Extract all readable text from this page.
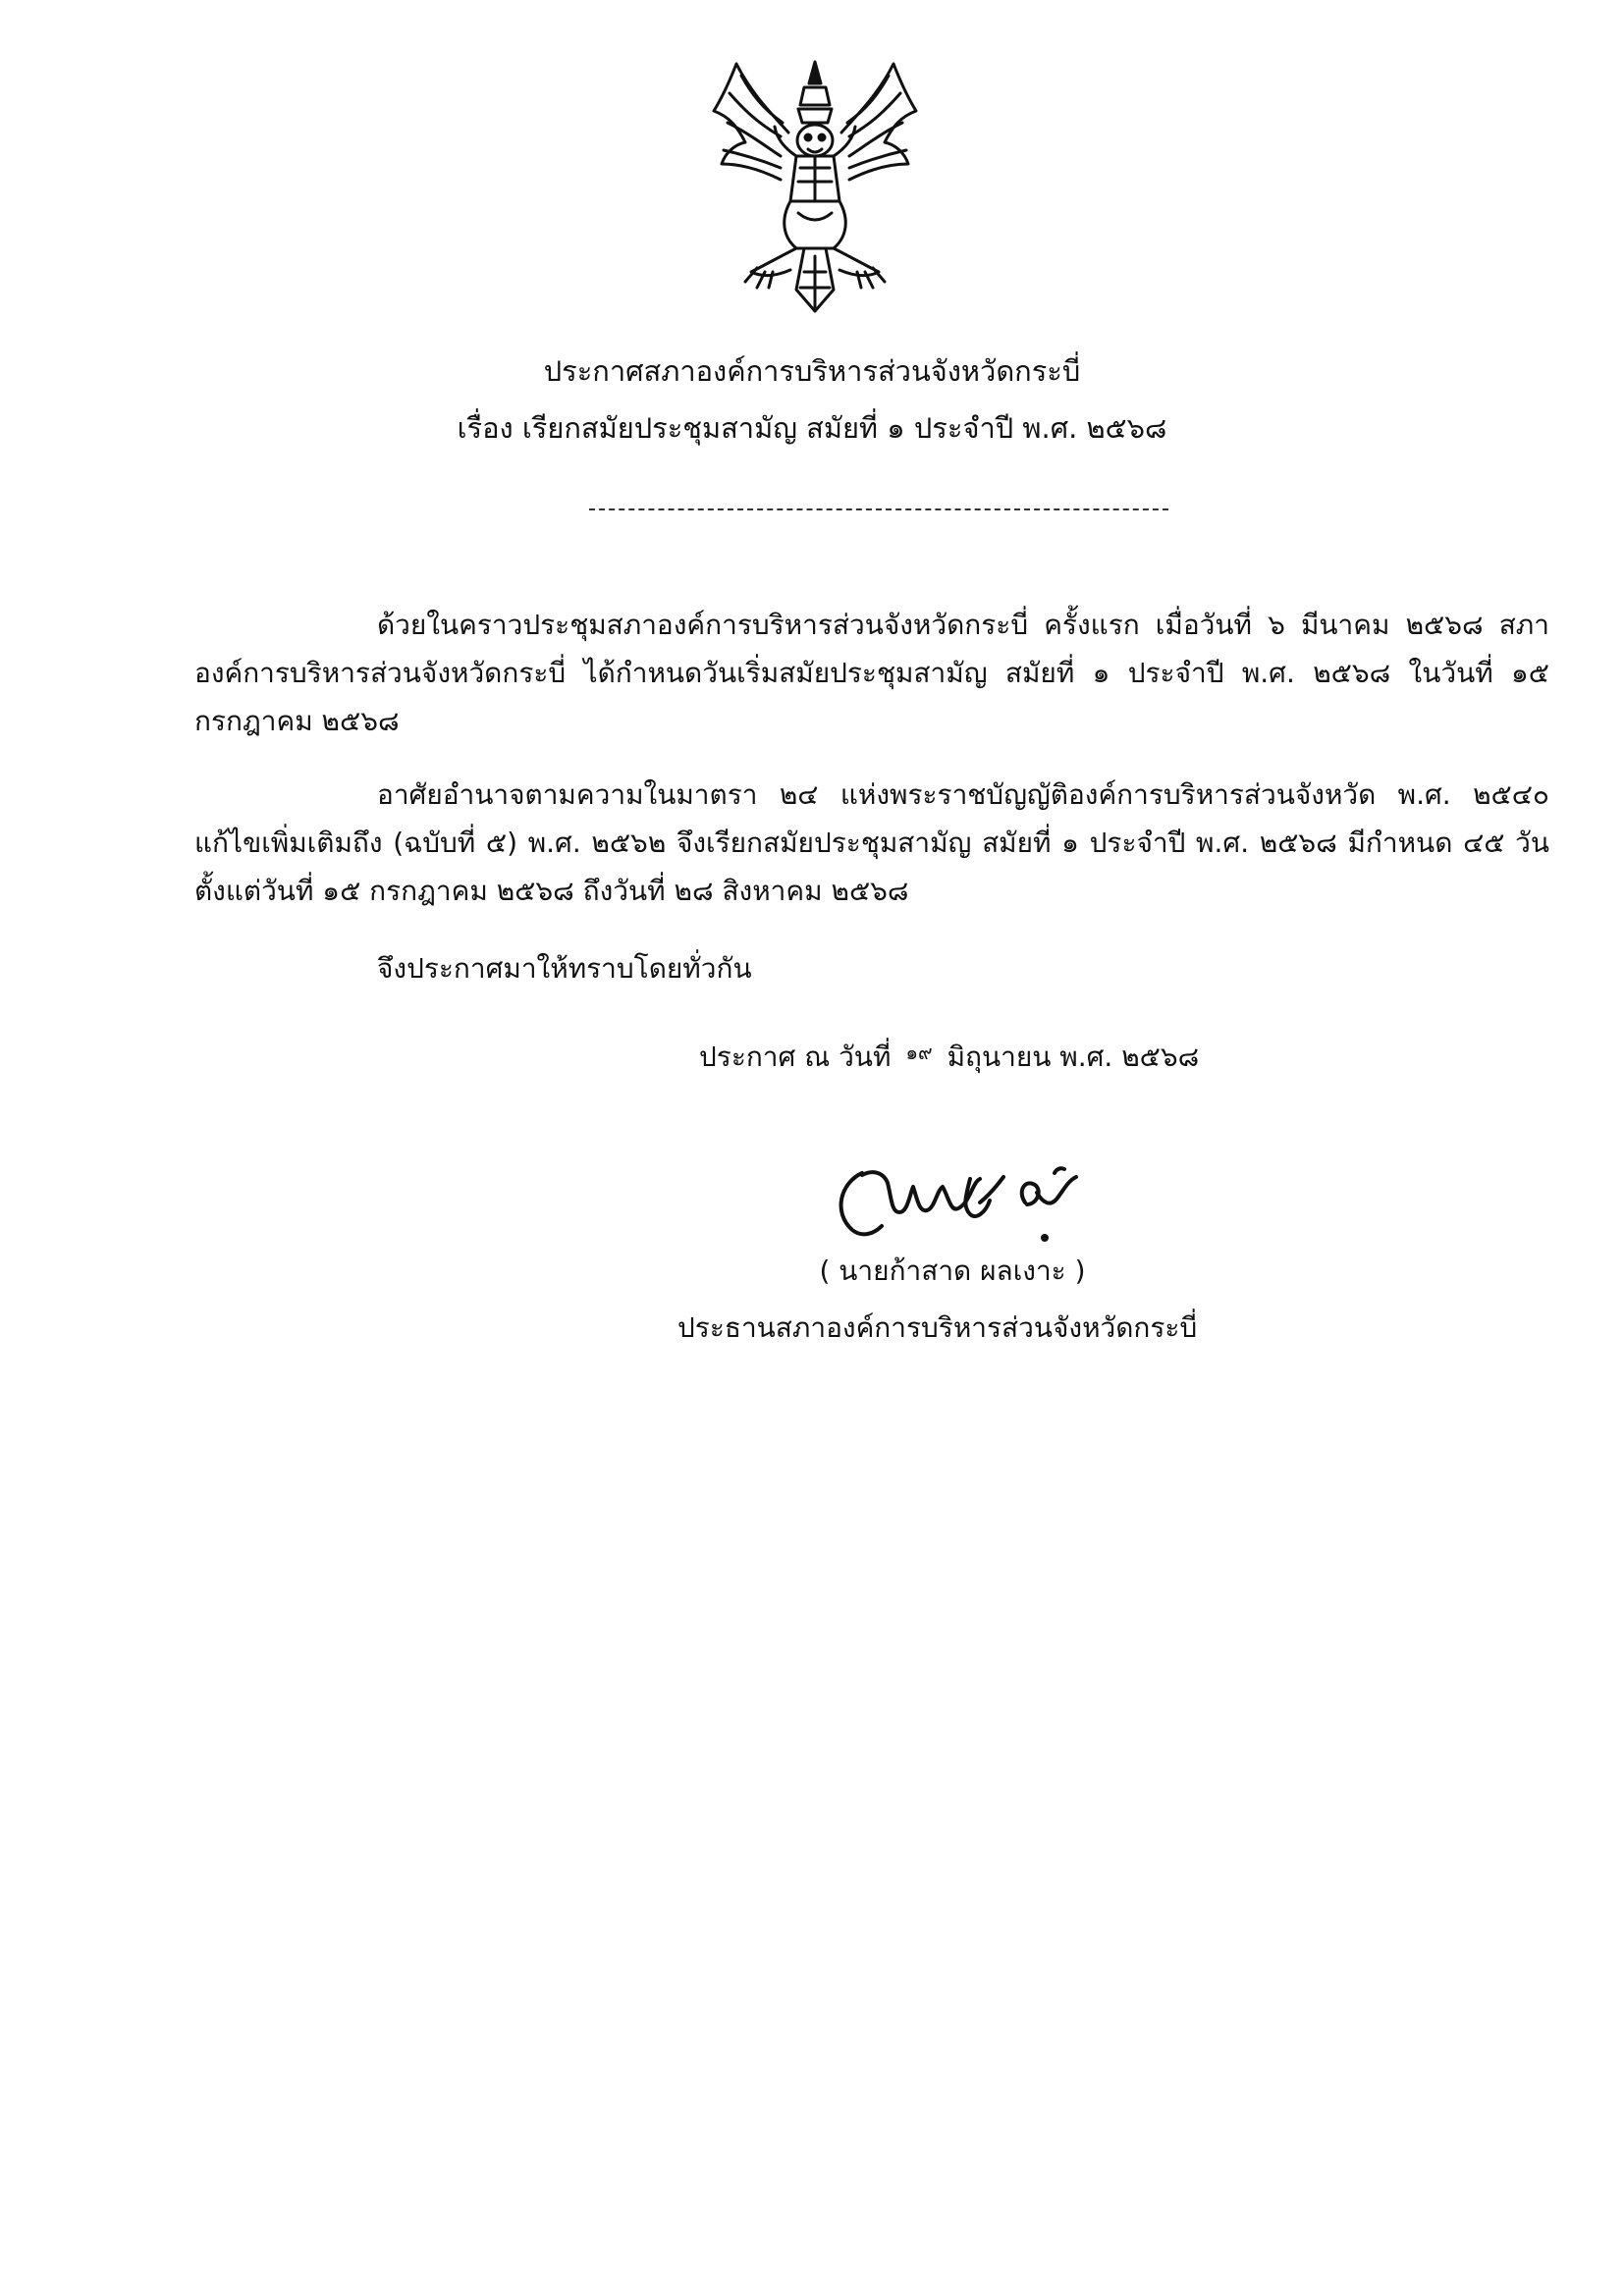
ประกาศสภาองค์การบริหารส่วนจังหวัดกระบี่
เรื่อง เรียกสมัยประชุมสามัญ สมัยที่ ๑ ประจำปี พ.ศ. ๒๕๖๘
ด้วยในคราวประชุมสภาองค์การบริหารส่วนจังหวัดกระบี่ ครั้งแรก เมื่อวันที่ ๖ มีนาคม ๒๕๖๘ สภาองค์การบริหารส่วนจังหวัดกระบี่ ได้กำหนดวันเริ่มสมัยประชุมสามัญ สมัยที่ ๑ ประจำปี พ.ศ. ๒๕๖๘ ในวันที่ ๑๕ กรกฎาคม ๒๕๖๘
อาศัยอำนาจตามความในมาตรา ๒๔ แห่งพระราชบัญญัติองค์การบริหารส่วนจังหวัด พ.ศ. ๒๕๔๐ แก้ไขเพิ่มเติมถึง (ฉบับที่ ๕) พ.ศ. ๒๕๖๒ จึงเรียกสมัยประชุมสามัญ สมัยที่ ๑ ประจำปี พ.ศ. ๒๕๖๘ มีกำหนด ๔๕ วัน ตั้งแต่วันที่ ๑๕ กรกฎาคม ๒๕๖๘ ถึงวันที่ ๒๘ สิงหาคม ๒๕๖๘
จึงประกาศมาให้ทราบโดยทั่วกัน
ประกาศ ณ วันที่ $^{๑๙}$ มิถุนายน พ.ศ. ๒๕๖๘
( นายก้าสาด ผลเงาะ )
ประธานสภาองค์การบริหารส่วนจังหวัดกระบี่
